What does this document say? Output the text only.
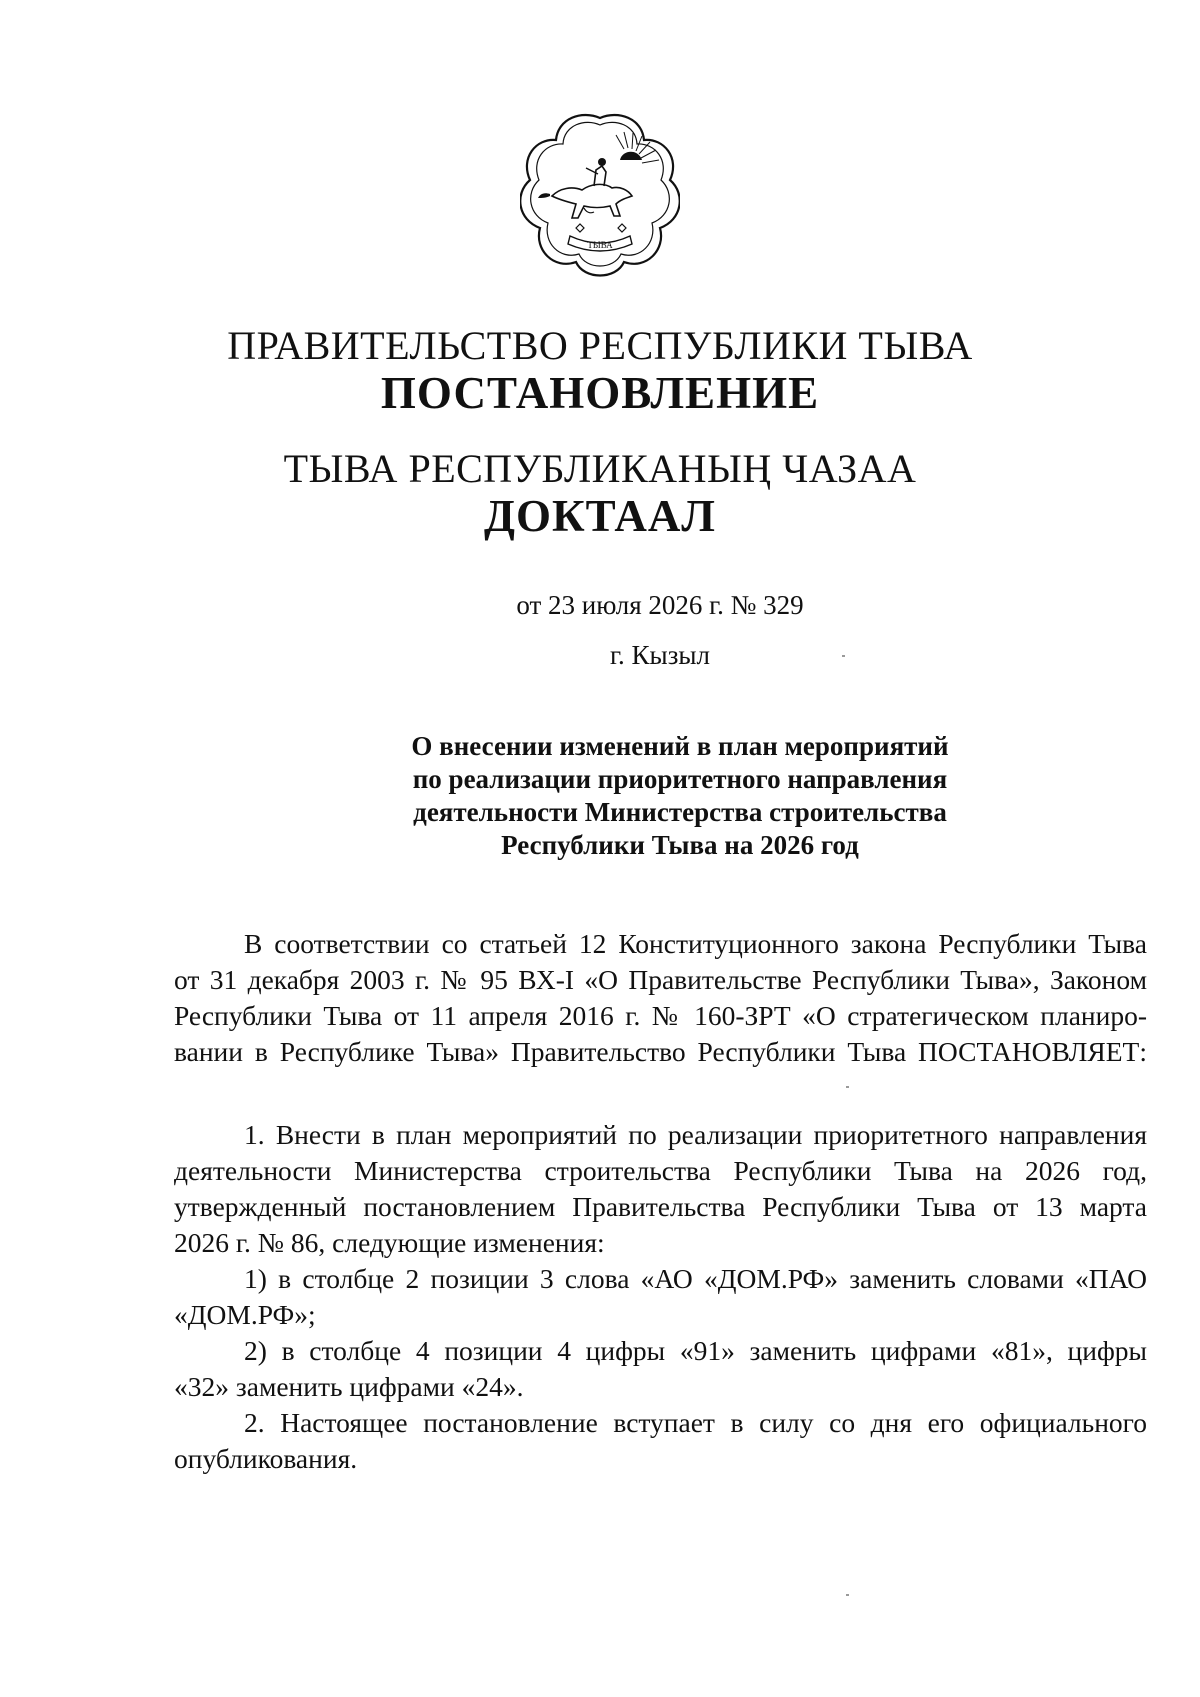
ТЫВА
ПРАВИТЕЛЬСТВО РЕСПУБЛИКИ ТЫВА
ПОСТАНОВЛЕНИЕ
ТЫВА РЕСПУБЛИКАНЫҢ ЧАЗАА
ДОКТААЛ
от 23 июля 2026 г. № 329
г. Кызыл
О внесении изменений в план мероприятий
по реализации приоритетного направления
деятельности Министерства строительства
Республики Тыва на 2026 год
В соответствии со статьей 12 Конституционного закона Республики Тыва
от 31 декабря 2003 г. № 95 ВХ-I «О Правительстве Республики Тыва», Законом
Республики Тыва от 11 апреля 2016 г. № 160-ЗРТ «О стратегическом планиро-
вании в Республике Тыва» Правительство Республики Тыва ПОСТАНОВЛЯЕТ:
1. Внести в план мероприятий по реализации приоритетного направления
деятельности Министерства строительства Республики Тыва на 2026 год,
утвержденный постановлением Правительства Республики Тыва от 13 марта
2026 г. № 86, следующие изменения:
1) в столбце 2 позиции 3 слова «АО «ДОМ.РФ» заменить словами «ПАО
«ДОМ.РФ»;
2) в столбце 4 позиции 4 цифры «91» заменить цифрами «81», цифры
«32» заменить цифрами «24».
2. Настоящее постановление вступает в силу со дня его официального
опубликования.
